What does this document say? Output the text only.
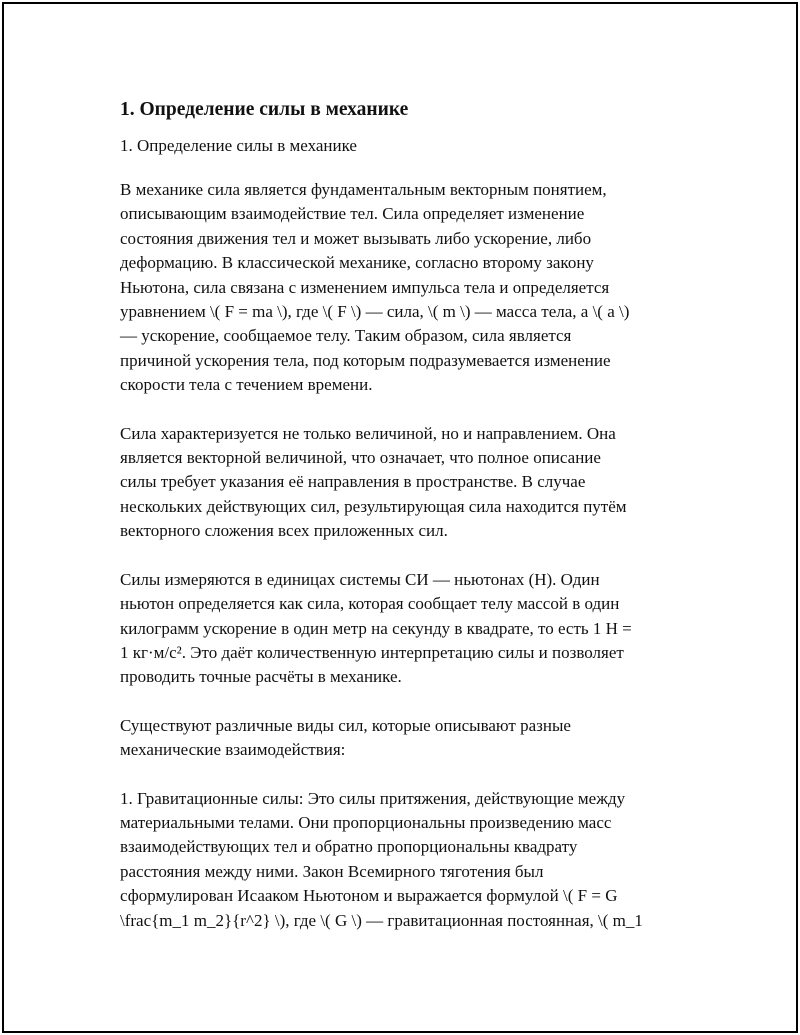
1. Определение силы в механике
1. Определение силы в механике
В механике сила является фундаментальным векторным понятием,
описывающим взаимодействие тел. Сила определяет изменение
состояния движения тел и может вызывать либо ускорение, либо
деформацию. В классической механике, согласно второму закону
Ньютона, сила связана с изменением импульса тела и определяется
уравнением \( F = ma \), где \( F \) — сила, \( m \) — масса тела, а \( a \)
— ускорение, сообщаемое телу. Таким образом, сила является
причиной ускорения тела, под которым подразумевается изменение
скорости тела с течением времени.
Сила характеризуется не только величиной, но и направлением. Она
является векторной величиной, что означает, что полное описание
силы требует указания её направления в пространстве. В случае
нескольких действующих сил, результирующая сила находится путём
векторного сложения всех приложенных сил.
Силы измеряются в единицах системы СИ — ньютонах (Н). Один
ньютон определяется как сила, которая сообщает телу массой в один
килограмм ускорение в один метр на секунду в квадрате, то есть 1 Н =
1 кг·м/с². Это даёт количественную интерпретацию силы и позволяет
проводить точные расчёты в механике.
Существуют различные виды сил, которые описывают разные
механические взаимодействия:
1. Гравитационные силы: Это силы притяжения, действующие между
материальными телами. Они пропорциональны произведению масс
взаимодействующих тел и обратно пропорциональны квадрату
расстояния между ними. Закон Всемирного тяготения был
сформулирован Исааком Ньютоном и выражается формулой \( F = G
\frac{m_1 m_2}{r^2} \), где \( G \) — гравитационная постоянная, \( m_1
